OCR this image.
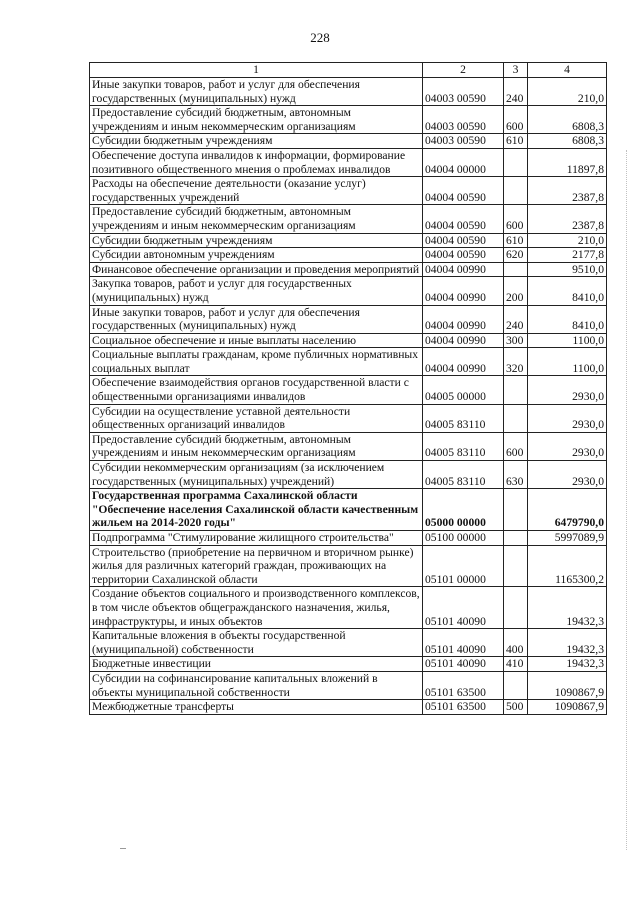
228
1	2	3	4
Иные закупки товаров, работ и услуг для обеспечения государственных (муниципальных) нужд	04003 00590	240	210,0
Предоставление субсидий бюджетным, автономным учреждениям и иным некоммерческим организациям	04003 00590	600	6808,3
Субсидии бюджетным учреждениям	04003 00590	610	6808,3
Обеспечение доступа инвалидов к информации, формирование позитивного общественного мнения о проблемах инвалидов	04004 00000		11897,8
Расходы на обеспечение деятельности (оказание услуг) государственных учреждений	04004 00590		2387,8
Предоставление субсидий бюджетным, автономным учреждениям и иным некоммерческим организациям	04004 00590	600	2387,8
Субсидии бюджетным учреждениям	04004 00590	610	210,0
Субсидии автономным учреждениям	04004 00590	620	2177,8
Финансовое обеспечение организации и проведения мероприятий	04004 00990		9510,0
Закупка товаров, работ и услуг для государственных (муниципальных) нужд	04004 00990	200	8410,0
Иные закупки товаров, работ и услуг для обеспечения государственных (муниципальных) нужд	04004 00990	240	8410,0
Социальное обеспечение и иные выплаты населению	04004 00990	300	1100,0
Социальные выплаты гражданам, кроме публичных нормативных социальных выплат	04004 00990	320	1100,0
Обеспечение взаимодействия органов государственной власти с общественными организациями инвалидов	04005 00000		2930,0
Субсидии на осуществление уставной деятельности общественных организаций инвалидов	04005 83110		2930,0
Предоставление субсидий бюджетным, автономным учреждениям и иным некоммерческим организациям	04005 83110	600	2930,0
Субсидии некоммерческим организациям (за исключением государственных (муниципальных) учреждений)	04005 83110	630	2930,0
Государственная программа Сахалинской области "Обеспечение населения Сахалинской области качественным жильем на 2014-2020 годы"	05000 00000		6479790,0
Подпрограмма "Стимулирование жилищного строительства"	05100 00000		5997089,9
Строительство (приобретение на первичном и вторичном рынке) жилья для различных категорий граждан, проживающих на территории Сахалинской области	05101 00000		1165300,2
Создание объектов социального и производственного комплексов, в том числе объектов общегражданского назначения, жилья, инфраструктуры, и иных объектов	05101 40090		19432,3
Капитальные вложения в объекты государственной (муниципальной) собственности	05101 40090	400	19432,3
Бюджетные инвестиции	05101 40090	410	19432,3
Субсидии на софинансирование капитальных вложений в объекты муниципальной собственности	05101 63500		1090867,9
Межбюджетные трансферты	05101 63500	500	1090867,9
